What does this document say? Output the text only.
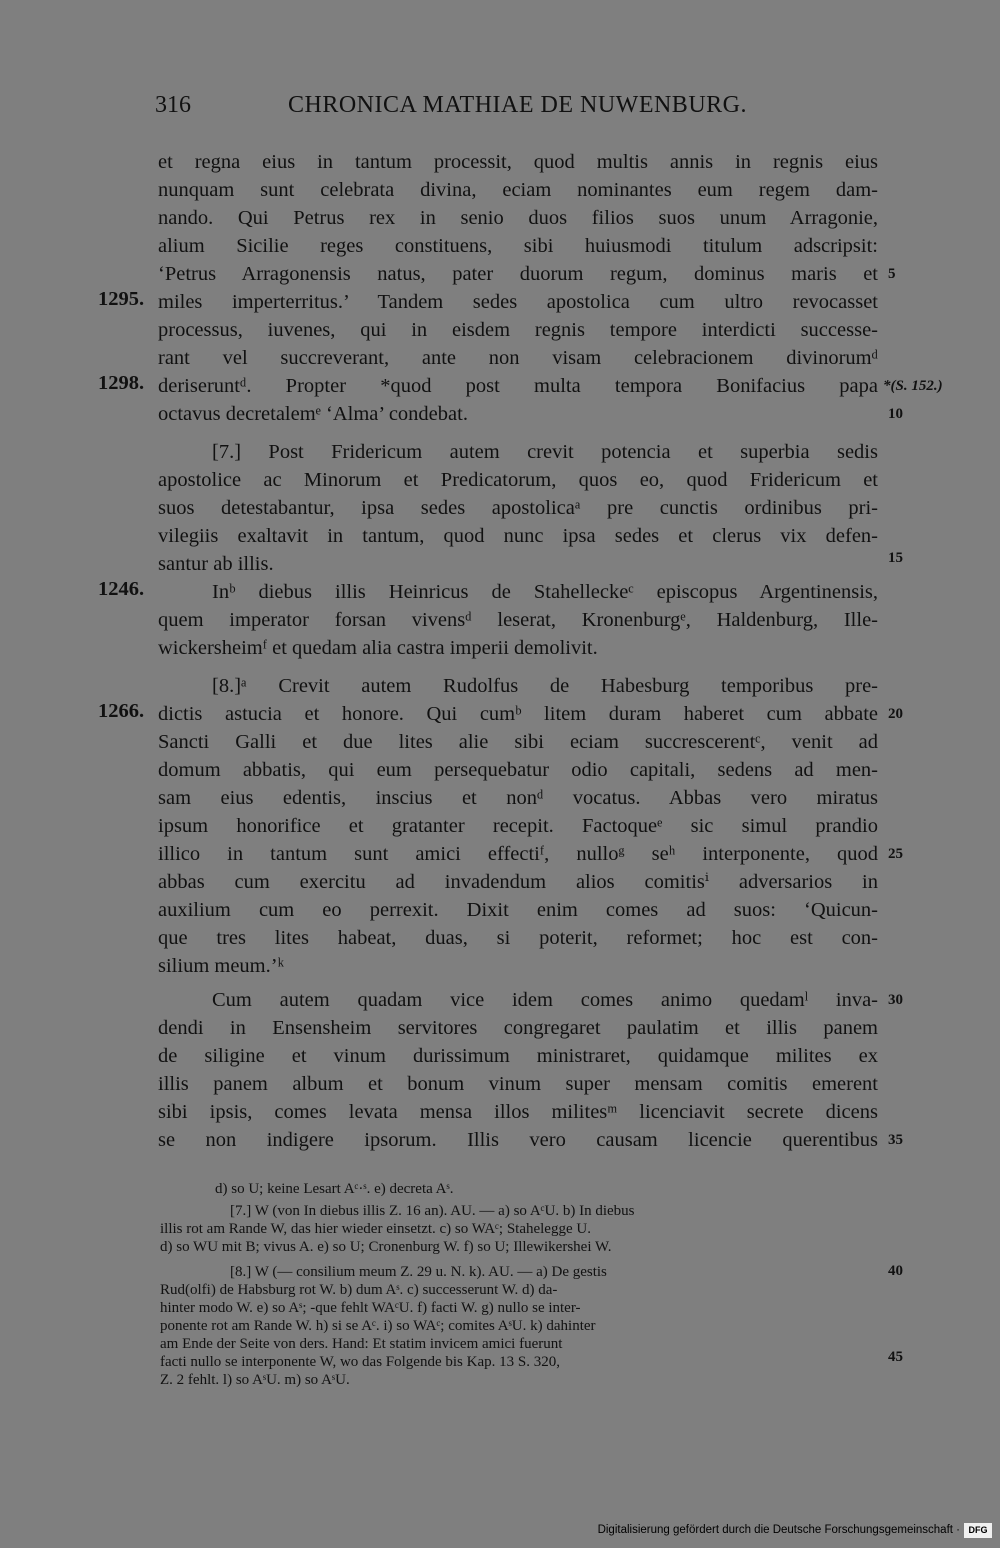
316	CHRONICA MATHIAE DE NUWENBURG.
et regna eius in tantum processit, quod multis annis in regnis eius
nunquam sunt celebrata divina, eciam nominantes eum regem dam-
nando. Qui Petrus rex in senio duos filios suos unum Arragonie,
alium Sicilie reges constituens, sibi huiusmodi titulum adscripsit:
‘Petrus Arragonensis natus, pater duorum regum, dominus maris et
miles imperterritus.’ Tandem sedes apostolica cum ultro revocasset
processus, iuvenes, qui in eisdem regnis tempore interdicti successe-
rant vel succreverant, ante non visam celebracionem divinorumᵈ
deriseruntᵈ. Propter *quod post multa tempora Bonifacius papa
octavus decretalemᵉ ‘Alma’ condebat.
[7.] Post Fridericum autem crevit potencia et superbia sedis
apostolice ac Minorum et Predicatorum, quos eo, quod Fridericum et
suos detestabantur, ipsa sedes apostolicaᵃ pre cunctis ordinibus pri-
vilegiis exaltavit in tantum, quod nunc ipsa sedes et clerus vix defen-
santur ab illis.
Inᵇ diebus illis Heinricus de Stahelleckeᶜ episcopus Argentinensis,
quem imperator forsan vivensᵈ leserat, Kronenburgᵉ, Haldenburg, Ille-
wickersheimᶠ et quedam alia castra imperii demolivit.
[8.]ᵃ Crevit autem Rudolfus de Habesburg temporibus pre-
dictis astucia et honore. Qui cumᵇ litem duram haberet cum abbate
Sancti Galli et due lites alie sibi eciam succrescerentᶜ, venit ad
domum abbatis, qui eum persequebatur odio capitali, sedens ad men-
sam eius edentis, inscius et nonᵈ vocatus. Abbas vero miratus
ipsum honorifice et gratanter recepit. Factoqueᵉ sic simul prandio
illico in tantum sunt amici effectiᶠ, nulloᵍ seʰ interponente, quod
abbas cum exercitu ad invadendum alios comitisⁱ adversarios in
auxilium cum eo perrexit. Dixit enim comes ad suos: ‘Quicun-
que tres lites habeat, duas, si poterit, reformet; hoc est con-
silium meum.’ᵏ
Cum autem quadam vice idem comes animo quedamˡ inva-
dendi in Ensensheim servitores congregaret paulatim et illis panem
de siligine et vinum durissimum ministraret, quidamque milites ex
illis panem album et bonum vinum super mensam comitis emerent
sibi ipsis, comes levata mensa illos militesᵐ licenciavit secrete dicens
se non indigere ipsorum. Illis vero causam licencie querentibus
1295.
1298.
1246.
1266.
5
10
15
20
25
30
35
40
45
*(S. 152.)
d) so U; keine Lesart Aᶜ·ˢ. e) decreta Aˢ.
[7.] W (von In diebus illis Z. 16 an). AU. — a) so AᶜU. b) In diebus
illis rot am Rande W, das hier wieder einsetzt. c) so WAᶜ; Stahelegge U.
d) so WU mit B; vivus A. e) so U; Cronenburg W. f) so U; Illewikershei W.
[8.] W (— consilium meum Z. 29 u. N. k). AU. — a) De gestis
Rud(olfi) de Habsburg rot W. b) dum Aˢ. c) successerunt W. d) da-
hinter modo W. e) so Aˢ; -que fehlt WAᶜU. f) facti W. g) nullo se inter-
ponente rot am Rande W. h) si se Aᶜ. i) so WAᶜ; comites AˢU. k) dahinter
am Ende der Seite von ders. Hand: Et statim invicem amici fuerunt
facti nullo se interponente W, wo das Folgende bis Kap. 13 S. 320,
Z. 2 fehlt. l) so AˢU. m) so AˢU.
Digitalisierung gefördert durch die Deutsche Forschungsgemeinschaft · DFG
